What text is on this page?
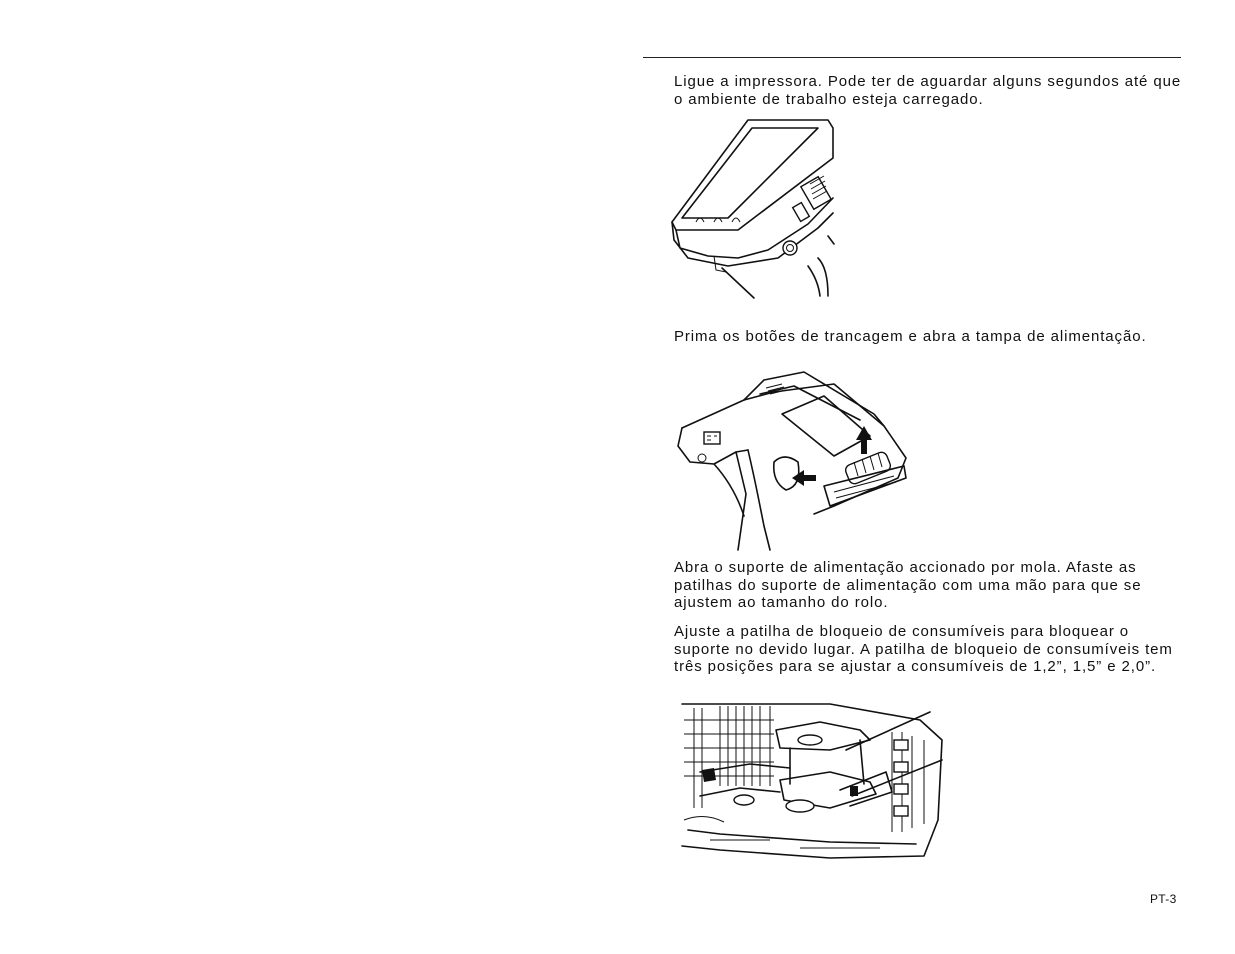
Ligue a impressora. Pode ter de aguardar alguns segundos até que o ambiente de trabalho esteja carregado.

Prima os botões de trancagem e abra a tampa de alimentação.

Abra o suporte de alimentação accionado por mola. Afaste as patilhas do suporte de alimentação com uma mão para que se ajustem ao tamanho do rolo.

Ajuste a patilha de bloqueio de consumíveis para bloquear o suporte no devido lugar. A patilha de bloqueio de consumíveis tem três posições para se ajustar a consumíveis de 1,2”, 1,5” e 2,0”.

PT-3
